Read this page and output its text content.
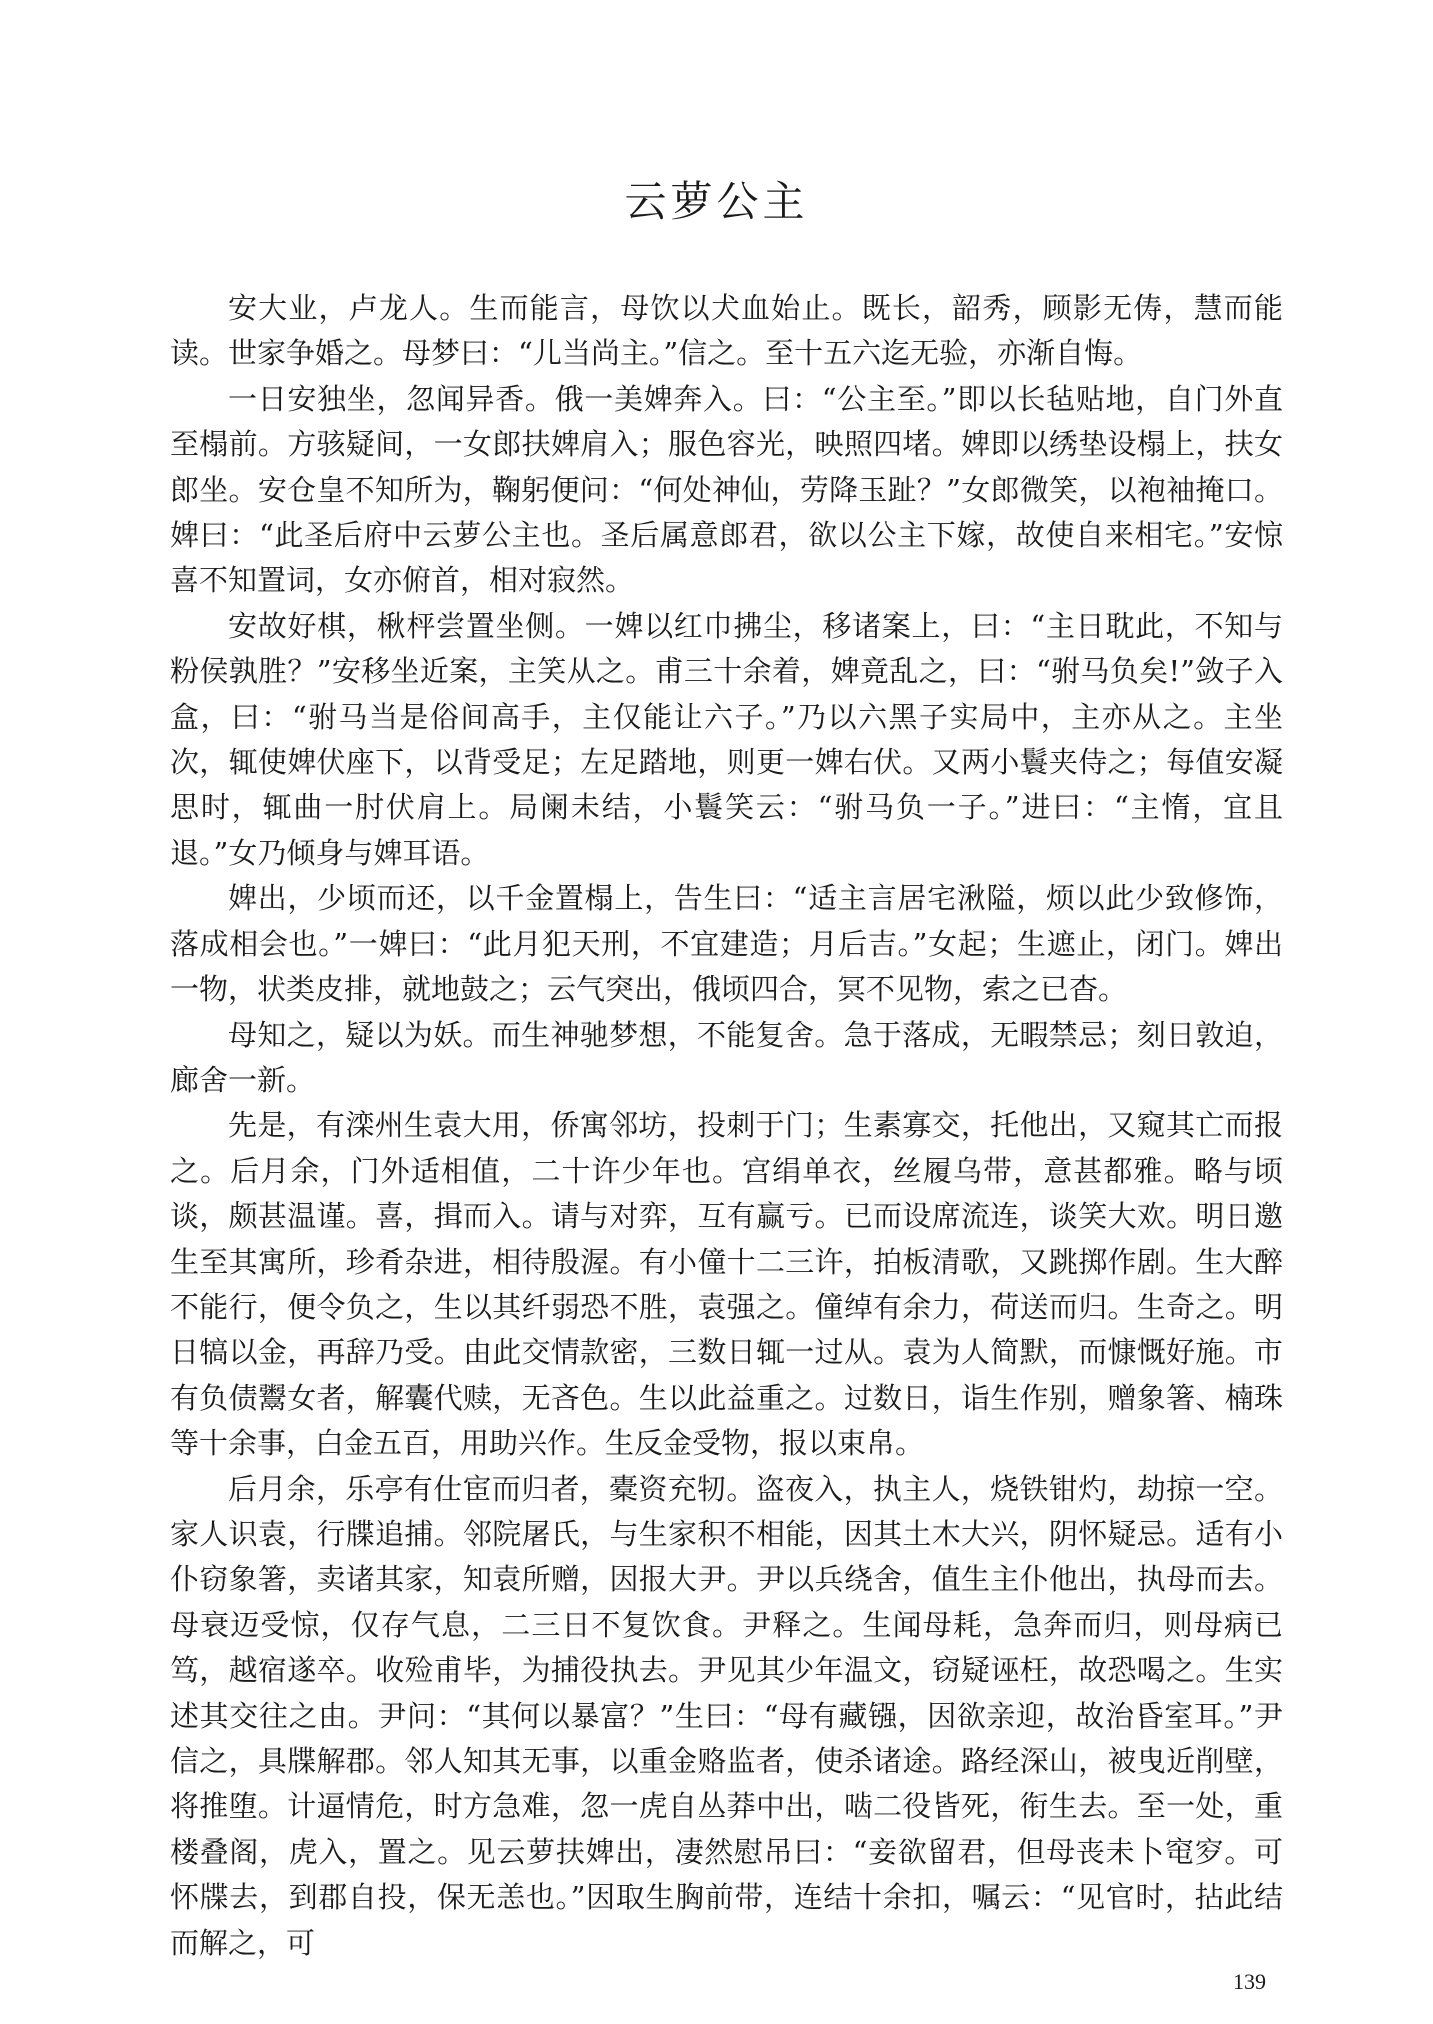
云萝公主

安大业，卢龙人。生而能言，母饮以犬血始止。既长，韶秀，顾影无俦，慧而能读。世家争婚之。母梦曰：“儿当尚主。”信之。至十五六迄无验，亦渐自悔。

一日安独坐，忽闻异香。俄一美婢奔入。曰：“公主至。”即以长毡贴地，自门外直至榻前。方骇疑间，一女郎扶婢肩入；服色容光，映照四堵。婢即以绣垫设榻上，扶女郎坐。安仓皇不知所为，鞠躬便问：“何处神仙，劳降玉趾？”女郎微笑，以袍袖掩口。婢曰：“此圣后府中云萝公主也。圣后属意郎君，欲以公主下嫁，故使自来相宅。”安惊喜不知置词，女亦俯首，相对寂然。

安故好棋，楸枰尝置坐侧。一婢以红巾拂尘，移诸案上，曰：“主日耽此，不知与粉侯孰胜？”安移坐近案，主笑从之。甫三十余着，婢竟乱之，曰：“驸马负矣!”敛子入盒，曰：“驸马当是俗间高手，主仅能让六子。”乃以六黑子实局中，主亦从之。主坐次，辄使婢伏座下，以背受足；左足踏地，则更一婢右伏。又两小鬟夹侍之；每值安凝思时，辄曲一肘伏肩上。局阑未结，小鬟笑云：“驸马负一子。”进曰：“主惰，宜且退。”女乃倾身与婢耳语。

婢出，少顷而还，以千金置榻上，告生曰：“适主言居宅湫隘，烦以此少致修饰，落成相会也。”一婢曰：“此月犯天刑，不宜建造；月后吉。”女起；生遮止，闭门。婢出一物，状类皮排，就地鼓之；云气突出，俄顷四合，冥不见物，索之已杳。

母知之，疑以为妖。而生神驰梦想，不能复舍。急于落成，无暇禁忌；刻日敦迫，廊舍一新。

先是，有滦州生袁大用，侨寓邻坊，投刺于门；生素寡交，托他出，又窥其亡而报之。后月余，门外适相值，二十许少年也。宫绢单衣，丝履乌带，意甚都雅。略与顷谈，颇甚温谨。喜，揖而入。请与对弈，互有赢亏。已而设席流连，谈笑大欢。明日邀生至其寓所，珍肴杂进，相待殷渥。有小僮十二三许，拍板清歌，又跳掷作剧。生大醉不能行，便令负之，生以其纤弱恐不胜，袁强之。僮绰有余力，荷送而归。生奇之。明日犒以金，再辞乃受。由此交情款密，三数日辄一过从。袁为人简默，而慷慨好施。市有负债鬻女者，解囊代赎，无吝色。生以此益重之。过数日，诣生作别，赠象箸、楠珠等十余事，白金五百，用助兴作。生反金受物，报以束帛。

后月余，乐亭有仕宦而归者，橐资充牣。盗夜入，执主人，烧铁钳灼，劫掠一空。家人识袁，行牒追捕。邻院屠氏，与生家积不相能，因其土木大兴，阴怀疑忌。适有小仆窃象箸，卖诸其家，知袁所赠，因报大尹。尹以兵绕舍，值生主仆他出，执母而去。母衰迈受惊，仅存气息，二三日不复饮食。尹释之。生闻母耗，急奔而归，则母病已笃，越宿遂卒。收殓甫毕，为捕役执去。尹见其少年温文，窃疑诬枉，故恐喝之。生实述其交往之由。尹问：“其何以暴富？”生曰：“母有藏镪，因欲亲迎，故治昏室耳。”尹信之，具牒解郡。邻人知其无事，以重金赂监者，使杀诸途。路经深山，被曳近削壁，将推堕。计逼情危，时方急难，忽一虎自丛莽中出，啮二役皆死，衔生去。至一处，重楼叠阁，虎入，置之。见云萝扶婢出，凄然慰吊曰：“妾欲留君，但母丧未卜窀穸。可怀牒去，到郡自投，保无恙也。”因取生胸前带，连结十余扣，嘱云：“见官时，拈此结而解之，可

139
